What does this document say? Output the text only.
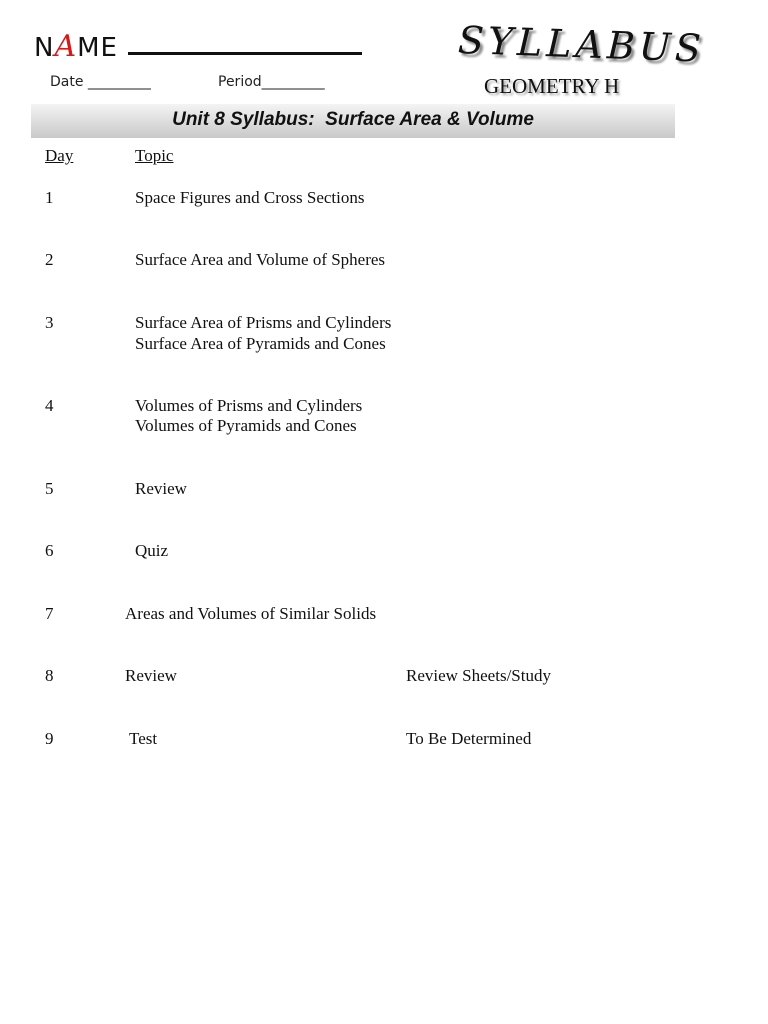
NAME
Date _________	Period_________
SYLLABUS
GEOMETRY H
Unit 8 Syllabus:  Surface Area & Volume
Day	Topic
1	Space Figures and Cross Sections
2	Surface Area and Volume of Spheres
3	Surface Area of Prisms and Cylinders
Surface Area of Pyramids and Cones
4	Volumes of Prisms and Cylinders
Volumes of Pyramids and Cones
5	Review
6	Quiz
7	Areas and Volumes of Similar Solids
8	Review	Review Sheets/Study
9	Test	To Be Determined
